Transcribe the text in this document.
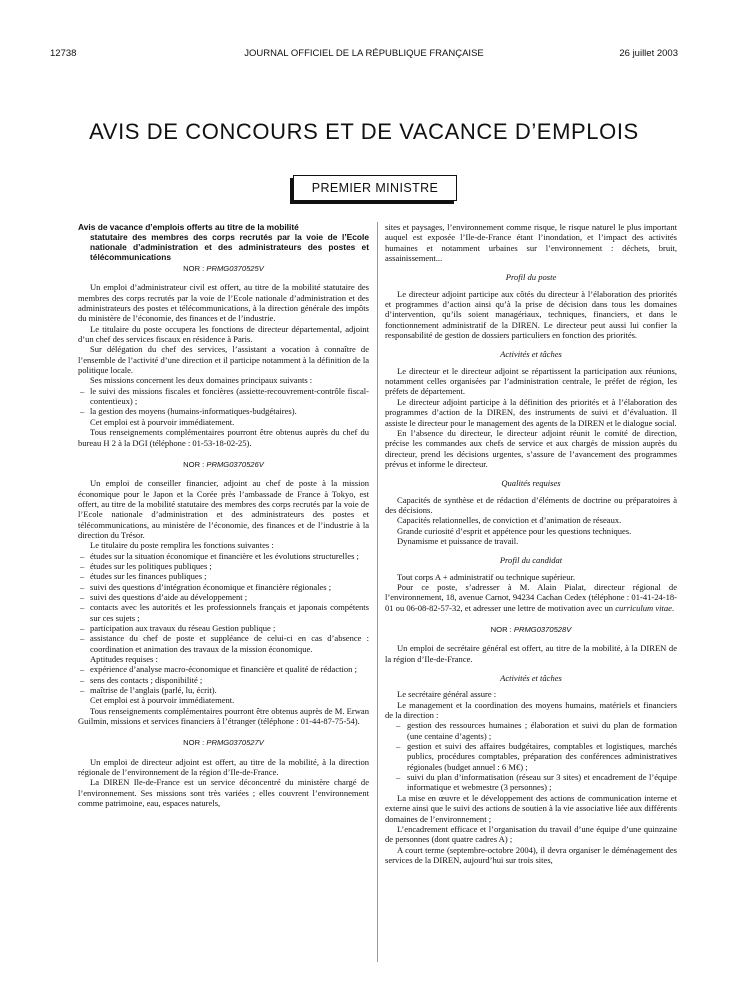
12738	JOURNAL OFFICIEL DE LA RÉPUBLIQUE FRANÇAISE	26 juillet 2003
AVIS DE CONCOURS ET DE VACANCE D’EMPLOIS
PREMIER MINISTRE
Avis de vacance d’emplois offerts au titre de la mobilité
statutaire des membres des corps recrutés par la voie de l’Ecole nationale d’administration et des administrateurs des postes et télécommunications
NOR : PRMG0370525V

Un emploi d’administrateur civil est offert, au titre de la mobilité statutaire des membres des corps recrutés par la voie de l’Ecole nationale d’administration et des administrateurs des postes et télécommunications, à la direction générale des impôts du ministère de l’économie, des finances et de l’industrie.

Le titulaire du poste occupera les fonctions de directeur départemental, adjoint d’un chef des services fiscaux en résidence à Paris.

Sur délégation du chef des services, l’assistant a vocation à connaître de l’ensemble de l’activité d’une direction et il participe notamment à la définition de la politique locale.

Ses missions concernent les deux domaines principaux suivants :

– le suivi des missions fiscales et foncières (assiette-recouvrement-contrôle fiscal-contentieux) ;
– la gestion des moyens (humains-informatiques-budgétaires).

Cet emploi est à pourvoir immédiatement.

Tous renseignements complémentaires pourront être obtenus auprès du chef du bureau H 2 à la DGI (téléphone : 01-53-18-02-25).

NOR : PRMG0370526V

Un emploi de conseiller financier, adjoint au chef de poste à la mission économique pour le Japon et la Corée près l’ambassade de France à Tokyo, est offert, au titre de la mobilité statutaire des membres des corps recrutés par la voie de l’Ecole nationale d’administration et des administrateurs des postes et télécommunications, au ministère de l’économie, des finances et de l’industrie à la direction du Trésor.

Le titulaire du poste remplira les fonctions suivantes :

– études sur la situation économique et financière et les évolutions structurelles ;
– études sur les politiques publiques ;
– études sur les finances publiques ;
– suivi des questions d’intégration économique et financière régionales ;
– suivi des questions d’aide au développement ;
– contacts avec les autorités et les professionnels français et japonais compétents sur ces sujets ;
– participation aux travaux du réseau Gestion publique ;
– assistance du chef de poste et suppléance de celui-ci en cas d’absence : coordination et animation des travaux de la mission économique.

Aptitudes requises :

– expérience d’analyse macro-économique et financière et qualité de rédaction ;
– sens des contacts ; disponibilité ;
– maîtrise de l’anglais (parlé, lu, écrit).

Cet emploi est à pourvoir immédiatement.

Tous renseignements complémentaires pourront être obtenus auprès de M. Erwan Guilmin, missions et services financiers à l’étranger (téléphone : 01-44-87-75-54).

NOR : PRMG0370527V

Un emploi de directeur adjoint est offert, au titre de la mobilité, à la direction régionale de l’environnement de la région d’Ile-de-France.

La DIREN Ile-de-France est un service déconcentré du ministère chargé de l’environnement. Ses missions sont très variées ; elles couvrent l’environnement comme patrimoine, eau, espaces naturels,

sites et paysages, l’environnement comme risque, le risque naturel le plus important auquel est exposée l’Ile-de-France étant l’inondation, et l’impact des activités humaines et notamment urbaines sur l’environnement : déchets, bruit, assainissement...

Profil du poste

Le directeur adjoint participe aux côtés du directeur à l’élaboration des priorités et programmes d’action ainsi qu’à la prise de décision dans tous les domaines d’intervention, qu’ils soient managériaux, techniques, financiers, et dans le fonctionnement administratif de la DIREN. Le directeur peut aussi lui confier la responsabilité de gestion de dossiers particuliers en fonction des priorités.

Activités et tâches

Le directeur et le directeur adjoint se répartissent la participation aux réunions, notamment celles organisées par l’administration centrale, le préfet de région, les préfets de département.

Le directeur adjoint participe à la définition des priorités et à l’élaboration des programmes d’action de la DIREN, des instruments de suivi et d’évaluation. Il assiste le directeur pour le management des agents de la DIREN et le dialogue social.

En l’absence du directeur, le directeur adjoint réunit le comité de direction, précise les commandes aux chefs de service et aux chargés de mission auprès du directeur, prend les décisions urgentes, s’assure de l’avancement des programmes prévus et informe le directeur.

Qualités requises

Capacités de synthèse et de rédaction d’éléments de doctrine ou préparatoires à des décisions.

Capacités relationnelles, de conviction et d’animation de réseaux.

Grande curiosité d’esprit et appétence pour les questions techniques.

Dynamisme et puissance de travail.

Profil du candidat

Tout corps A + administratif ou technique supérieur.

Pour ce poste, s’adresser à M. Alain Pialat, directeur régional de l’environnement, 18, avenue Carnot, 94234 Cachan Cedex (téléphone : 01-41-24-18-01 ou 06-08-82-57-32, et adresser une lettre de motivation avec un curriculum vitae.

NOR : PRMG0370528V

Un emploi de secrétaire général est offert, au titre de la mobilité, à la DIREN de la région d’Ile-de-France.

Activités et tâches

Le secrétaire général assure :

Le management et la coordination des moyens humains, matériels et financiers de la direction :

– gestion des ressources humaines ; élaboration et suivi du plan de formation (une centaine d’agents) ;
– gestion et suivi des affaires budgétaires, comptables et logistiques, marchés publics, procédures comptables, préparation des conférences administratives régionales (budget annuel : 6 M€) ;
– suivi du plan d’informatisation (réseau sur 3 sites) et encadrement de l’équipe informatique et webmestre (3 personnes) ;

La mise en œuvre et le développement des actions de communication interne et externe ainsi que le suivi des actions de soutien à la vie associative liée aux différents domaines de l’environnement ;

L’encadrement efficace et l’organisation du travail d’une équipe d’une quinzaine de personnes (dont quatre cadres A) ;

A court terme (septembre-octobre 2004), il devra organiser le déménagement des services de la DIREN, aujourd’hui sur trois sites,
